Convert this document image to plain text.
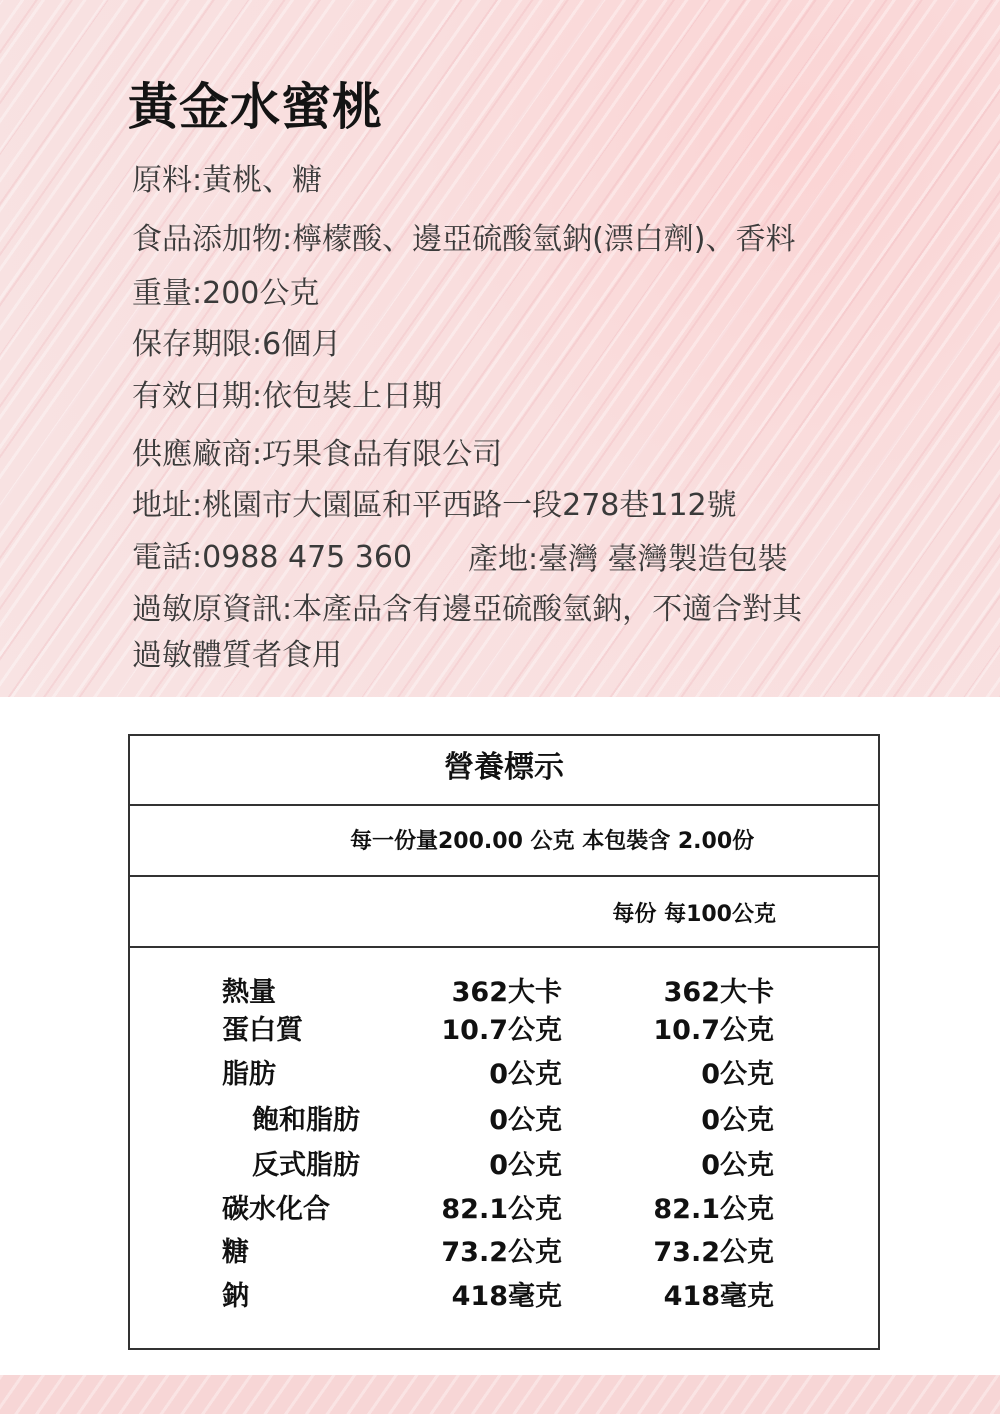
黃金水蜜桃
原料:黃桃、糖
食品添加物:檸檬酸、邊亞硫酸氫鈉(漂白劑)、香料
重量:200公克
保存期限:6個月
有效日期:依包裝上日期
供應廠商:巧果食品有限公司
地址:桃園市大園區和平西路一段278巷112號
電話:0988 475 360 產地:臺灣 臺灣製造包裝
過敏原資訊:本產品含有邊亞硫酸氫鈉，不適合對其
過敏體質者食用
營養標示
每一份量200.00 公克 本包裝含 2.00份
每份 每100公克
熱量	362大卡	362大卡
蛋白質	10.7公克	10.7公克
脂肪	0公克	0公克
飽和脂肪	0公克	0公克
反式脂肪	0公克	0公克
碳水化合	82.1公克	82.1公克
糖	73.2公克	73.2公克
鈉	418毫克	418毫克
